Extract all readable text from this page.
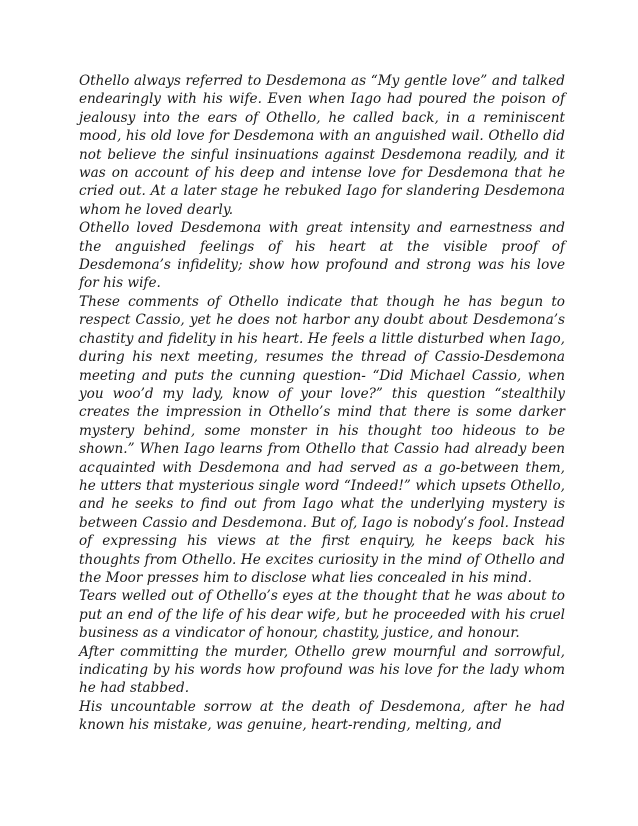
Othello always referred to Desdemona as “My gentle love” and talked endearingly with his wife. Even when Iago had poured the poison of jealousy into the ears of Othello, he called back, in a reminiscent mood, his old love for Desdemona with an anguished wail. Othello did not believe the sinful insinuations against Desdemona readily, and it was on account of his deep and intense love for Desdemona that he cried out. At a later stage he rebuked Iago for slandering Desdemona whom he loved dearly.

Othello loved Desdemona with great intensity and earnestness and the anguished feelings of his heart at the visible proof of Desdemona’s infidelity; show how profound and strong was his love for his wife.

These comments of Othello indicate that though he has begun to respect Cassio, yet he does not harbor any doubt about Desdemona’s chastity and fidelity in his heart. He feels a little disturbed when Iago, during his next meeting, resumes the thread of Cassio-Desdemona meeting and puts the cunning question- “Did Michael Cassio, when you woo’d my lady, know of your love?” this question “stealthily creates the impression in Othello’s mind that there is some darker mystery behind, some monster in his thought too hideous to be shown.” When Iago learns from Othello that Cassio had already been acquainted with Desdemona and had served as a go-between them, he utters that mysterious single word “Indeed!” which upsets Othello, and he seeks to find out from Iago what the underlying mystery is between Cassio and Desdemona. But of, Iago is nobody’s fool. Instead of expressing his views at the first enquiry, he keeps back his thoughts from Othello. He excites curiosity in the mind of Othello and the Moor presses him to disclose what lies concealed in his mind.

Tears welled out of Othello’s eyes at the thought that he was about to put an end of the life of his dear wife, but he proceeded with his cruel business as a vindicator of honour, chastity, justice, and honour.

After committing the murder, Othello grew mournful and sorrowful, indicating by his words how profound was his love for the lady whom he had stabbed.

His uncountable sorrow at the death of Desdemona, after he had known his mistake, was genuine, heart-rending, melting, and
